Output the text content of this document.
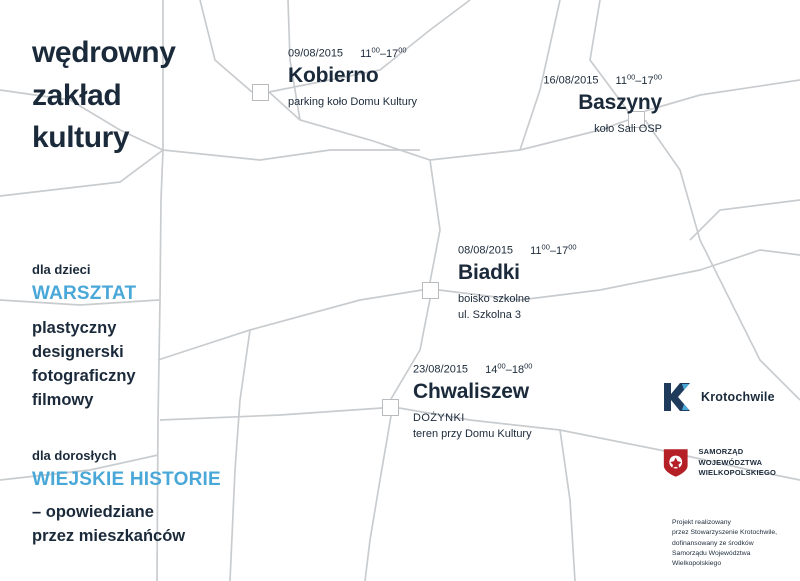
wędrowny
zakład
kultury
09/08/2015 $11^{00}-17^{00}$
Kobierno
parking koło Domu Kultury
16/08/2015 $11^{00}-17^{00}$
Baszyny
koło Sali OSP
08/08/2015 $11^{00}-17^{00}$
Biadki
boisko szkolne
ul. Szkolna 3
23/08/2015 $14^{00}-18^{00}$
Chwaliszew
DOŻYNKI
teren przy Domu Kultury
dla dzieci
WARSZTAT
plastyczny
designerski
fotograficzny
filmowy
dla dorosłych
WIEJSKIE HISTORIE
– opowiedziane
przez mieszkańców
Krotochwile
SAMORZĄD WOJEWÓDZTWA
WIELKOPOLSKIEGO
Projekt realizowany
przez Stowarzyszenie Krotochwile,
dofinansowany ze środków
Samorządu Województwa
Wielkopolskiego
